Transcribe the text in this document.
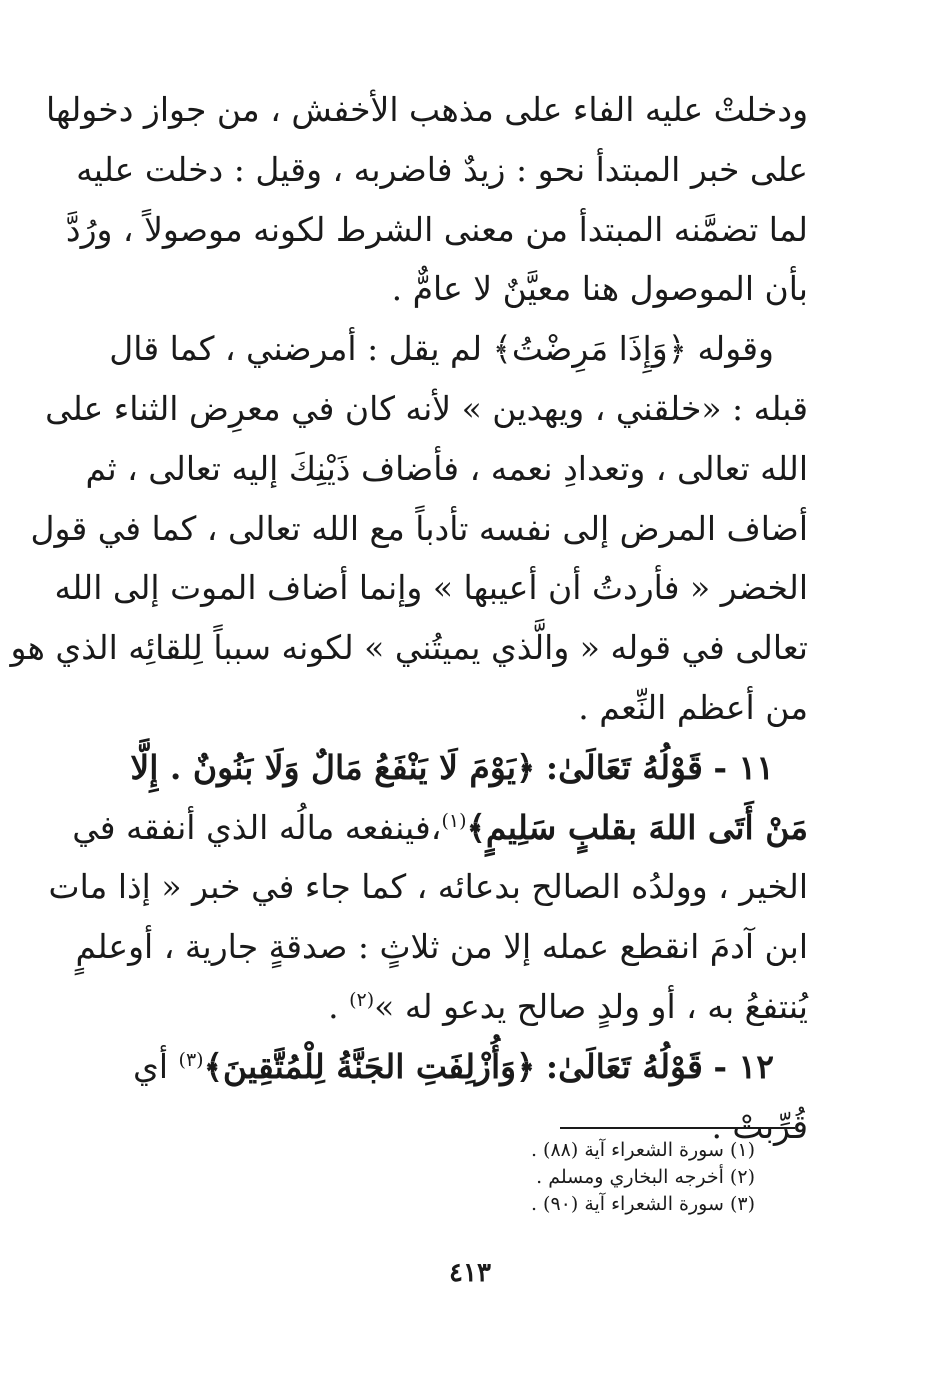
ودخلتْ عليه الفاء على مذهب الأخفش ، من جواز دخولها
على خبر المبتدأ نحو : زيدٌ فاضربه ، وقيل : دخلت عليه
لما تضمَّنه المبتدأ من معنى الشرط لكونه موصولاً ، ورُدَّ
بأن الموصول هنا معيَّنٌ لا عامٌّ .

وقوله ﴿وَإِذَا مَرِضْتُ﴾ لم يقل : أمرضني ، كما قال
قبله : «خلقني ، ويهدين » لأنه كان في معرِض الثناء على
الله تعالى ، وتعدادِ نعمه ، فأضاف ذَيْنِكَ إليه تعالى ، ثم
أضاف المرض إلى نفسه تأدباً مع الله تعالى ، كما في قول
الخضر « فأردتُ أن أعيبها » وإنما أضاف الموت إلى الله
تعالى في قوله « والَّذي يميتُني » لكونه سبباً لِلقائِه الذي هو
من أعظم النِّعم .

١١ - قَوْلُهُ تَعَالَىٰ: ﴿يَوْمَ لَا يَنْفَعُ مَالٌ وَلَا بَنُونٌ . إِلَّا
مَنْ أَتَى اللهَ بقلبٍ سَلِيمٍ﴾$^{(١)}$،فينفعه مالُه الذي أنفقه في
الخير ، وولدُه الصالح بدعائه ، كما جاء في خبر « إذا مات
ابن آدمَ انقطع عمله إلا من ثلاثٍ : صدقةٍ جارية ، أوعلمٍ
يُنتفعُ به ، أو ولدٍ صالح يدعو له »$^{(٢)}$ .

١٢ - قَوْلُهُ تَعَالَىٰ: ﴿وَأُزْلِفَتِ الجَنَّةُ لِلْمُتَّقِينَ﴾$^{(٣)}$ أي
قُرِّبتْ .

(١) سورة الشعراء آية (٨٨) .
(٢) أخرجه البخاري ومسلم .
(٣) سورة الشعراء آية (٩٠) .
٤١٣
